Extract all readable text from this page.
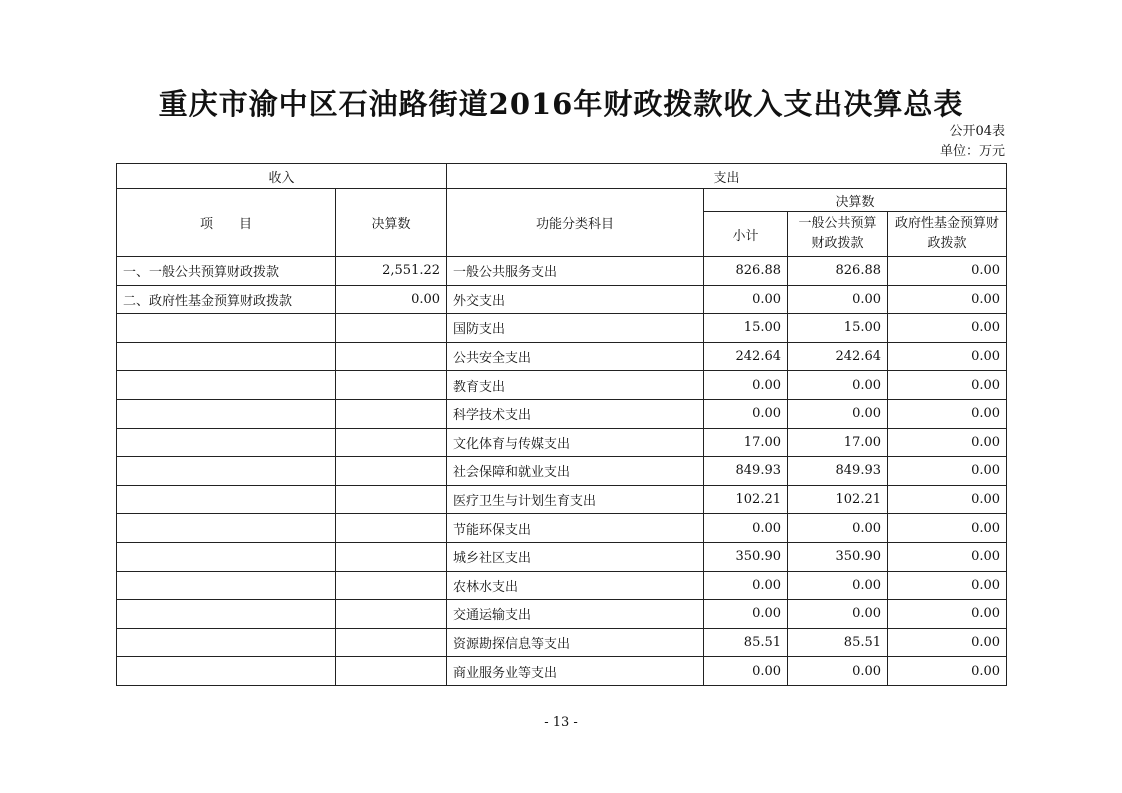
重庆市渝中区石油路街道2016年财政拨款收入支出决算总表
公开04表
单位：万元
收入		支出			
项　　目	决算数	功能分类科目	决算数		
			小计	一般公共预算财政拨款	政府性基金预算财政拨款
一、一般公共预算财政拨款	2,551.22	一般公共服务支出	826.88	826.88	0.00
二、政府性基金预算财政拨款	0.00	外交支出	0.00	0.00	0.00
		国防支出	15.00	15.00	0.00
		公共安全支出	242.64	242.64	0.00
		教育支出	0.00	0.00	0.00
		科学技术支出	0.00	0.00	0.00
		文化体育与传媒支出	17.00	17.00	0.00
		社会保障和就业支出	849.93	849.93	0.00
		医疗卫生与计划生育支出	102.21	102.21	0.00
		节能环保支出	0.00	0.00	0.00
		城乡社区支出	350.90	350.90	0.00
		农林水支出	0.00	0.00	0.00
		交通运输支出	0.00	0.00	0.00
		资源勘探信息等支出	85.51	85.51	0.00
		商业服务业等支出	0.00	0.00	0.00
- 13 -
